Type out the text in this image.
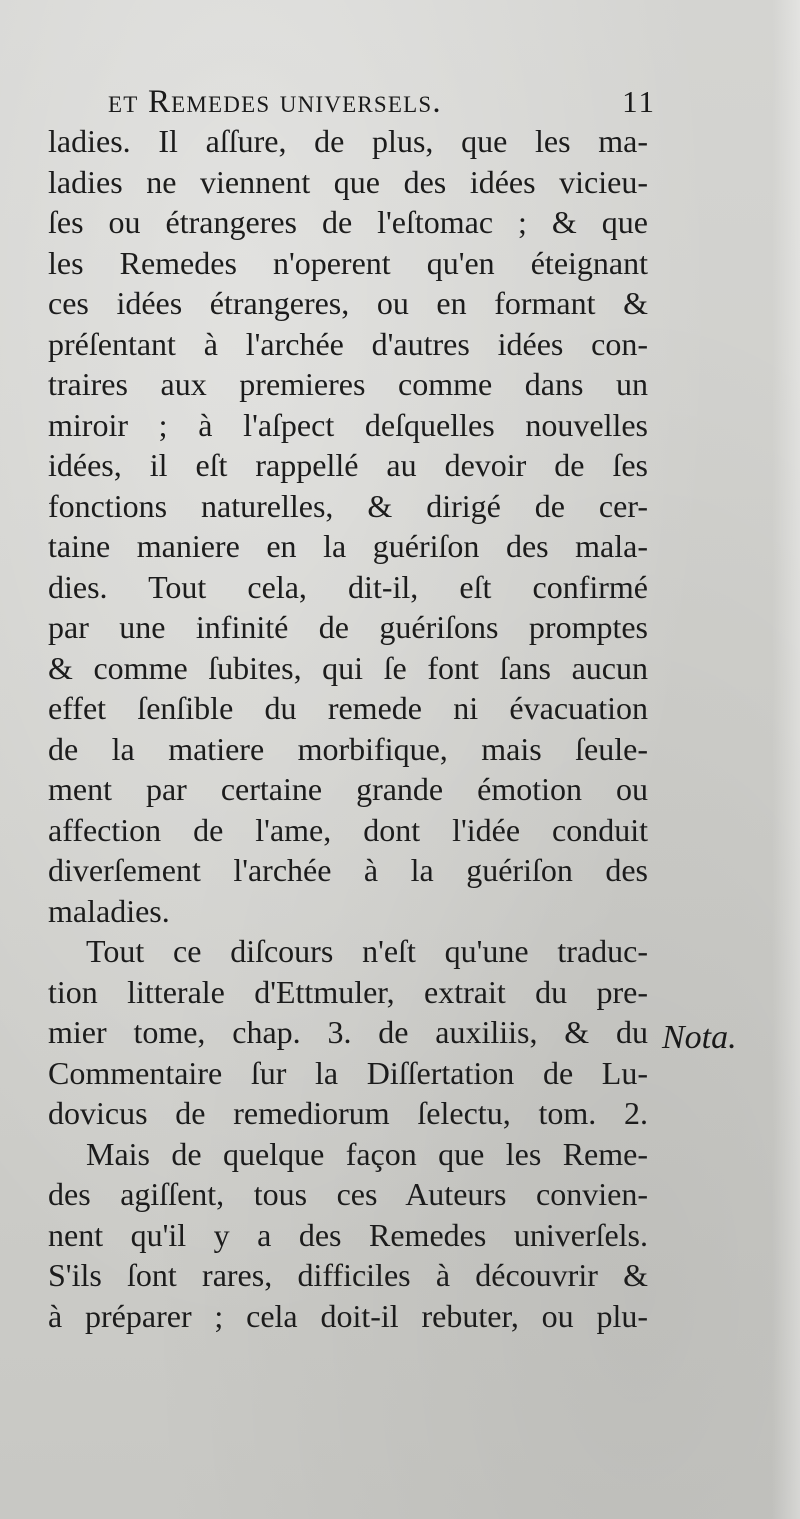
et Remedes universels.	11
ladies. Il aſſure, de plus, que les ma-
ladies ne viennent que des idées vicieu-
ſes ou étrangeres de l'eſtomac ; & que
les Remedes n'operent qu'en éteignant
ces idées étrangeres, ou en formant &
préſentant à l'archée d'autres idées con-
traires aux premieres comme dans un
miroir ; à l'aſpect deſquelles nouvelles
idées, il eſt rappellé au devoir de ſes
fonctions naturelles, & dirigé de cer-
taine maniere en la guériſon des mala-
dies. Tout cela, dit-il, eſt confirmé
par une infinité de guériſons promptes
& comme ſubites, qui ſe font ſans aucun
effet ſenſible du remede ni évacuation
de la matiere morbifique, mais ſeule-
ment par certaine grande émotion ou
affection de l'ame, dont l'idée conduit
diverſement l'archée à la guériſon des
maladies.
Tout ce diſcours n'eſt qu'une traduc-
tion litterale d'Ettmuler, extrait du pre-
mier tome, chap. 3. de auxiliis, & du
Commentaire ſur la Diſſertation de Lu-
dovicus de remediorum ſelectu, tom. 2.
Mais de quelque façon que les Reme-
des agiſſent, tous ces Auteurs convien-
nent qu'il y a des Remedes univerſels.
S'ils ſont rares, difficiles à découvrir &
à préparer ; cela doit-il rebuter, ou plu-
Nota.
